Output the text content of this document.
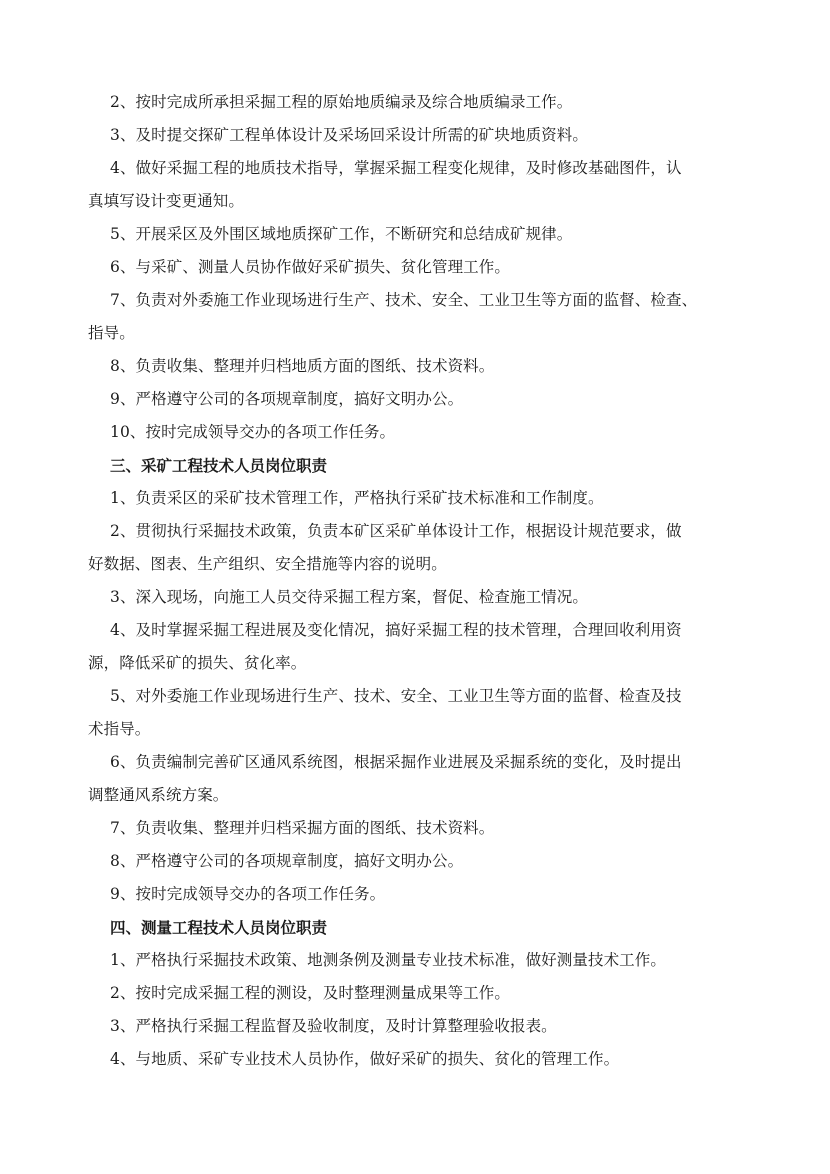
2、按时完成所承担采掘工程的原始地质编录及综合地质编录工作。

3、及时提交探矿工程单体设计及采场回采设计所需的矿块地质资料。

4、做好采掘工程的地质技术指导，掌握采掘工程变化规律，及时修改基础图件，认

真填写设计变更通知。

5、开展采区及外围区域地质探矿工作，不断研究和总结成矿规律。

6、与采矿、测量人员协作做好采矿损失、贫化管理工作。

7、负责对外委施工作业现场进行生产、技术、安全、工业卫生等方面的监督、检查、

指导。

8、负责收集、整理并归档地质方面的图纸、技术资料。

9、严格遵守公司的各项规章制度，搞好文明办公。

10、按时完成领导交办的各项工作任务。

三、采矿工程技术人员岗位职责

1、负责采区的采矿技术管理工作，严格执行采矿技术标准和工作制度。

2、贯彻执行采掘技术政策，负责本矿区采矿单体设计工作，根据设计规范要求，做

好数据、图表、生产组织、安全措施等内容的说明。

3、深入现场，向施工人员交待采掘工程方案，督促、检查施工情况。

4、及时掌握采掘工程进展及变化情况，搞好采掘工程的技术管理，合理回收利用资

源，降低采矿的损失、贫化率。

5、对外委施工作业现场进行生产、技术、安全、工业卫生等方面的监督、检查及技

术指导。

6、负责编制完善矿区通风系统图，根据采掘作业进展及采掘系统的变化，及时提出

调整通风系统方案。

7、负责收集、整理并归档采掘方面的图纸、技术资料。

8、严格遵守公司的各项规章制度，搞好文明办公。

9、按时完成领导交办的各项工作任务。

四、测量工程技术人员岗位职责

1、严格执行采掘技术政策、地测条例及测量专业技术标准，做好测量技术工作。

2、按时完成采掘工程的测设，及时整理测量成果等工作。

3、严格执行采掘工程监督及验收制度，及时计算整理验收报表。

4、与地质、采矿专业技术人员协作，做好采矿的损失、贫化的管理工作。
